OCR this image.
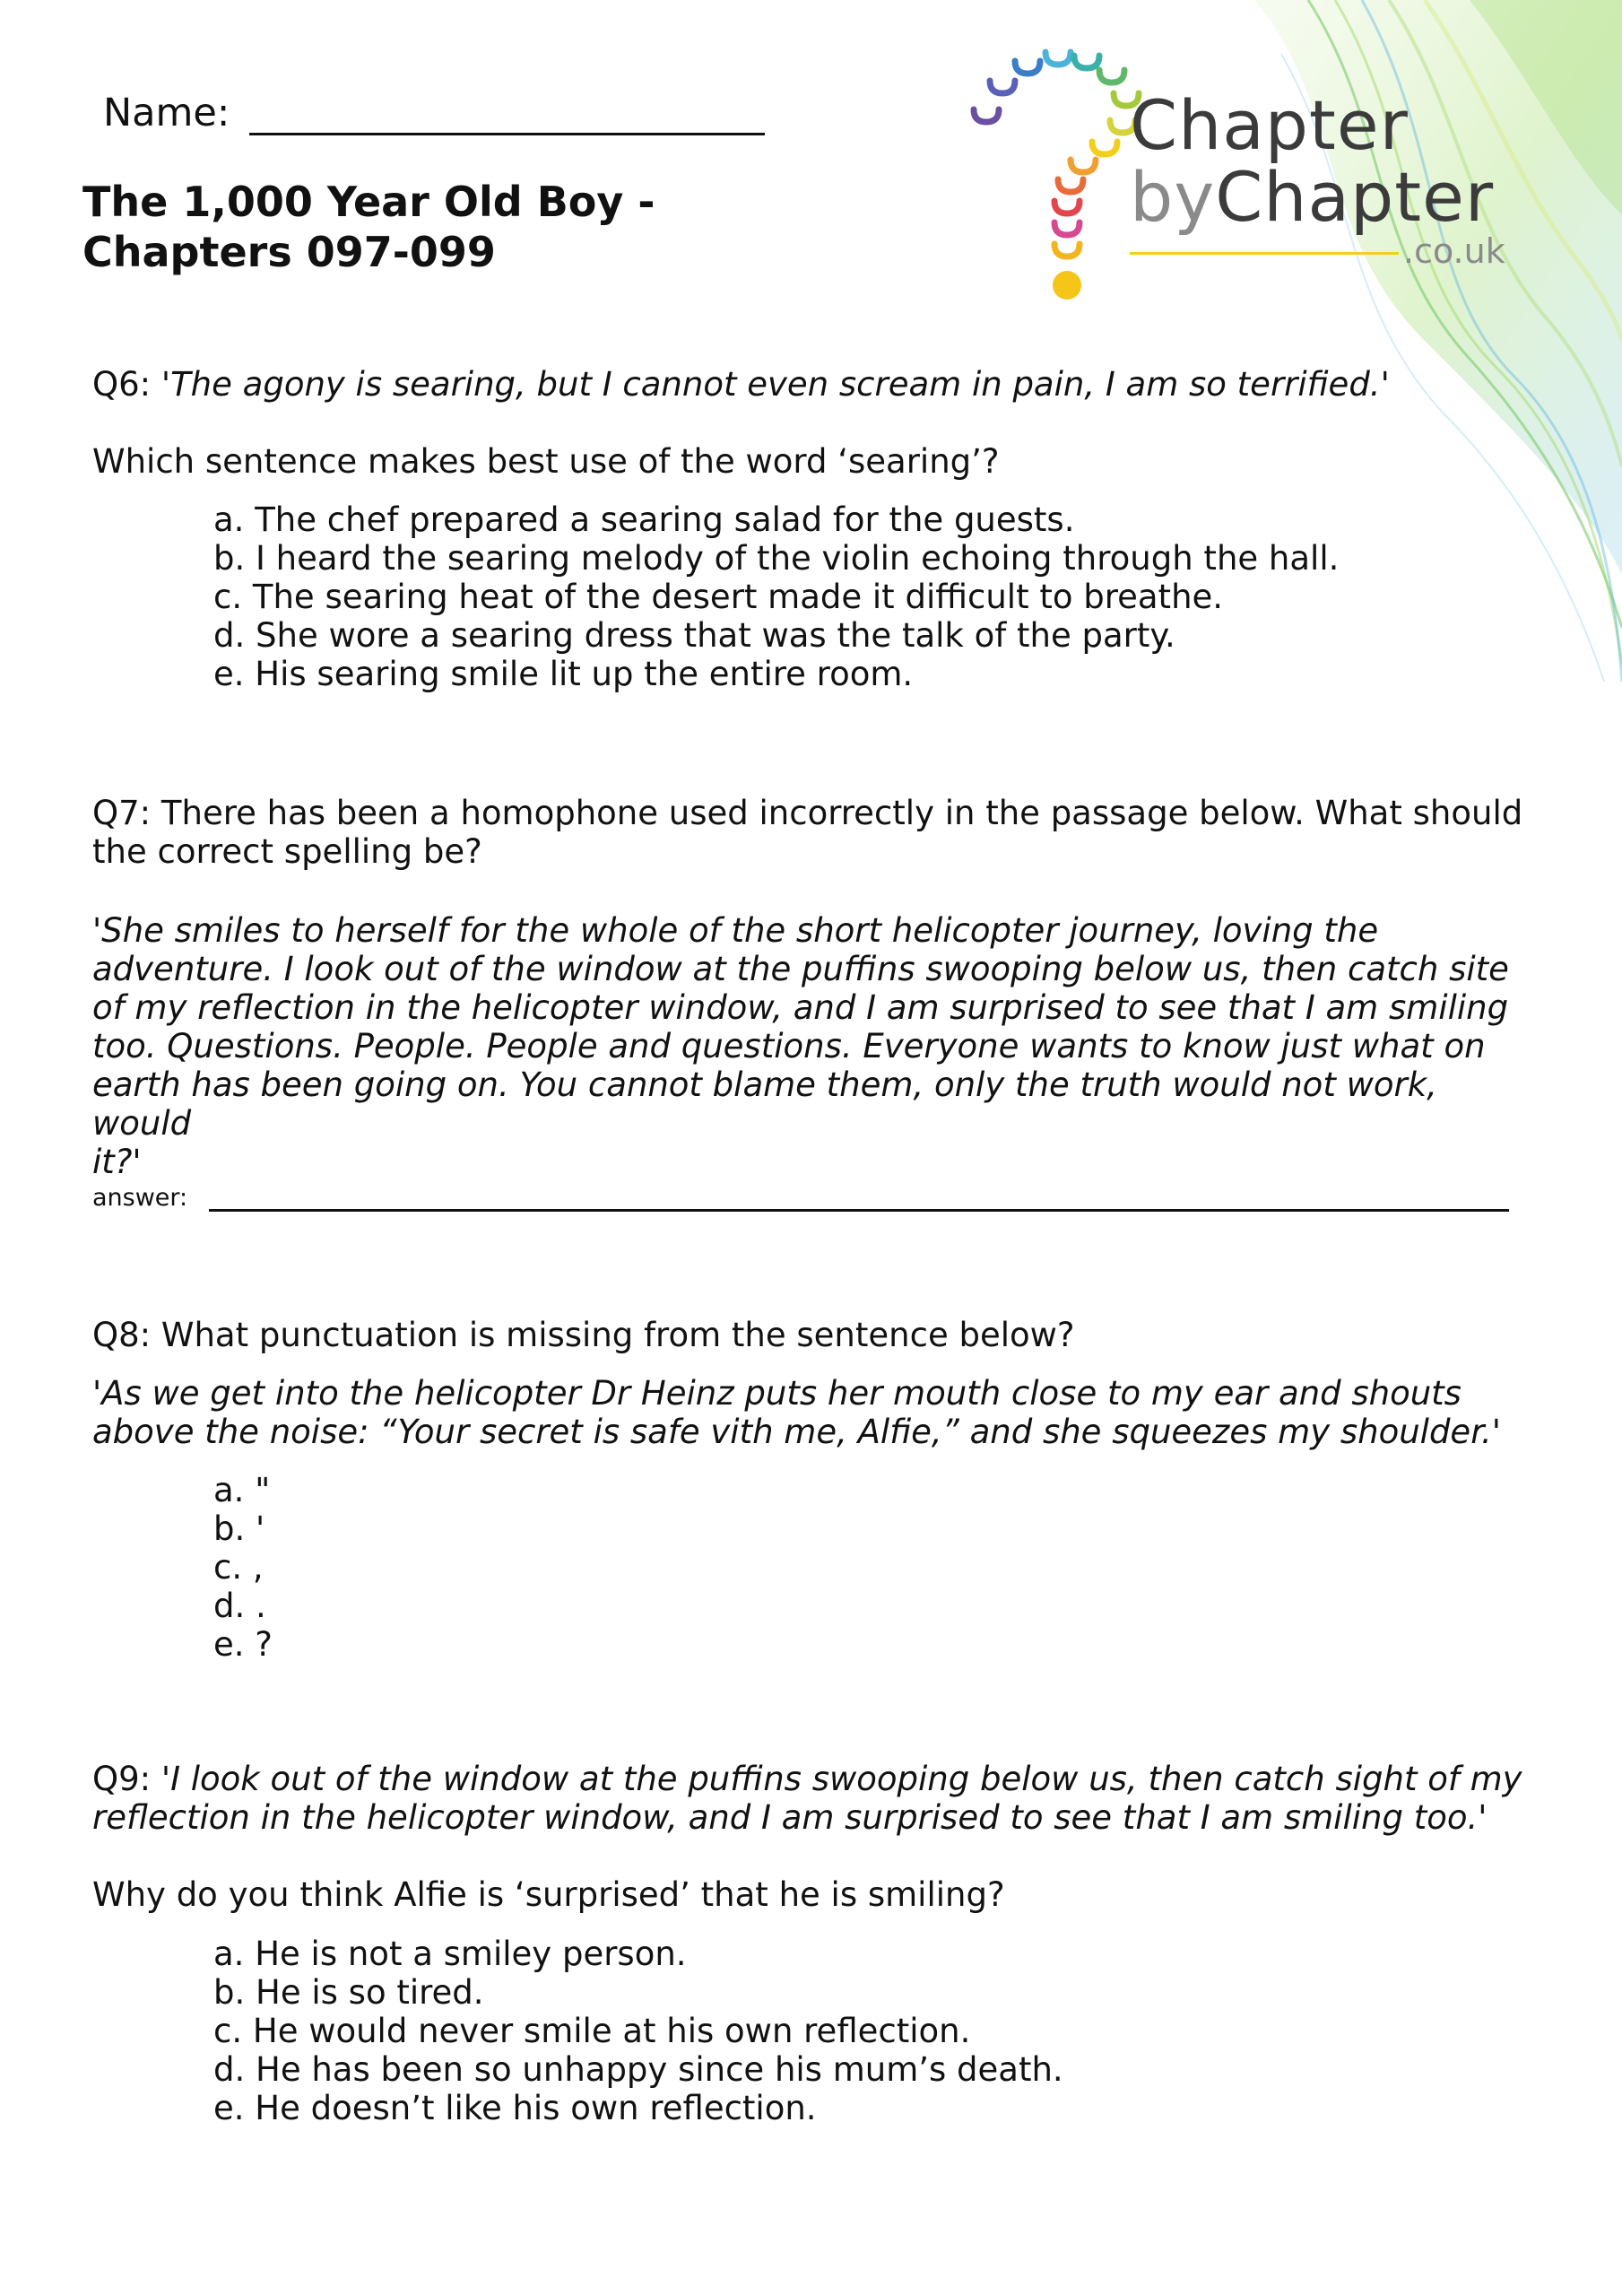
Name:
The 1,000 Year Old Boy -
Chapters 097-099
Chapter
byChapter
.co.uk

Q6: 'The agony is searing, but I cannot even scream in pain, I am so terrified.'

Which sentence makes best use of the word ‘searing’?
a. The chef prepared a searing salad for the guests.
b. I heard the searing melody of the violin echoing through the hall.
c. The searing heat of the desert made it difficult to breathe.
d. She wore a searing dress that was the talk of the party.
e. His searing smile lit up the entire room.
Q7: There has been a homophone used incorrectly in the passage below. What should
the correct spelling be?
'She smiles to herself for the whole of the short helicopter journey, loving the
adventure. I look out of the window at the puffins swooping below us, then catch site
of my reflection in the helicopter window, and I am surprised to see that I am smiling
too. Questions. People. People and questions. Everyone wants to know just what on
earth has been going on. You cannot blame them, only the truth would not work, would
it?'
answer:
Q8: What punctuation is missing from the sentence below?
'As we get into the helicopter Dr Heinz puts her mouth close to my ear and shouts
above the noise: “Your secret is safe vith me, Alfie,” and she squeezes my shoulder.'
a. "
b. '
c. ,
d. .
e. ?
Q9: 'I look out of the window at the puffins swooping below us, then catch sight of my
reflection in the helicopter window, and I am surprised to see that I am smiling too.'
Why do you think Alfie is ‘surprised’ that he is smiling?
a. He is not a smiley person.
b. He is so tired.
c. He would never smile at his own reflection.
d. He has been so unhappy since his mum’s death.
e. He doesn’t like his own reflection.
